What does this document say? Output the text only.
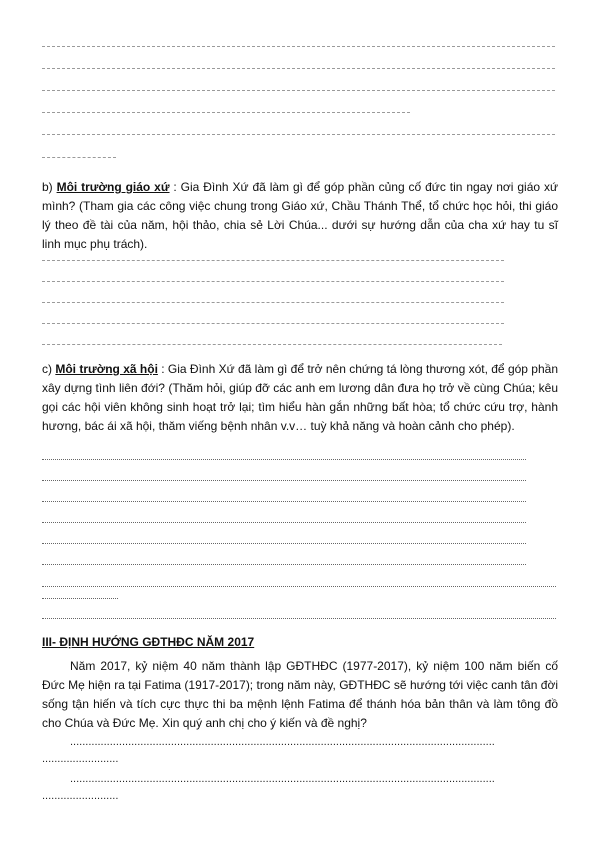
b) Môi trường giáo xứ : Gia Đình Xứ đã làm gì để góp phần củng cố đức tin ngay nơi giáo xứ mình? (Tham gia các công việc chung trong Giáo xứ, Chầu Thánh Thể, tổ chức học hỏi, thi giáo lý theo đề tài của năm, hội thảo, chia sẻ Lời Chúa... dưới sự hướng dẫn của cha xứ hay tu sĩ linh mục phụ trách).
c) Môi trường xã hội : Gia Đình Xứ đã làm gì để trở nên chứng tá lòng thương xót, để góp phần xây dựng tình liên đới? (Thăm hỏi, giúp đỡ các anh em lương dân đưa họ trở về cùng Chúa; kêu gọi các hội viên không sinh hoạt trở lại; tìm hiểu hàn gắn những bất hòa; tổ chức cứu trợ, hành hương, bác ái xã hội, thăm viếng bệnh nhân v.v… tuỳ khả năng và hoàn cảnh cho phép).
III- ĐỊNH HƯỚNG GĐTHĐC NĂM 2017
Năm 2017, kỷ niệm 40 năm thành lập GĐTHĐC (1977-2017), kỷ niệm 100 năm biến cố Đức Mẹ hiện ra tại Fatima (1917-2017); trong năm này, GĐTHĐC sẽ hướng tới việc canh tân đời sống tận hiến và tích cực thực thi ba mệnh lệnh Fatima để thánh hóa bản thân và làm tông đồ cho Chúa và Đức Mẹ. Xin quý anh chị cho ý kiến và đề nghị?
...........................................................................................................................................
.........................
...........................................................................................................................................
.........................
